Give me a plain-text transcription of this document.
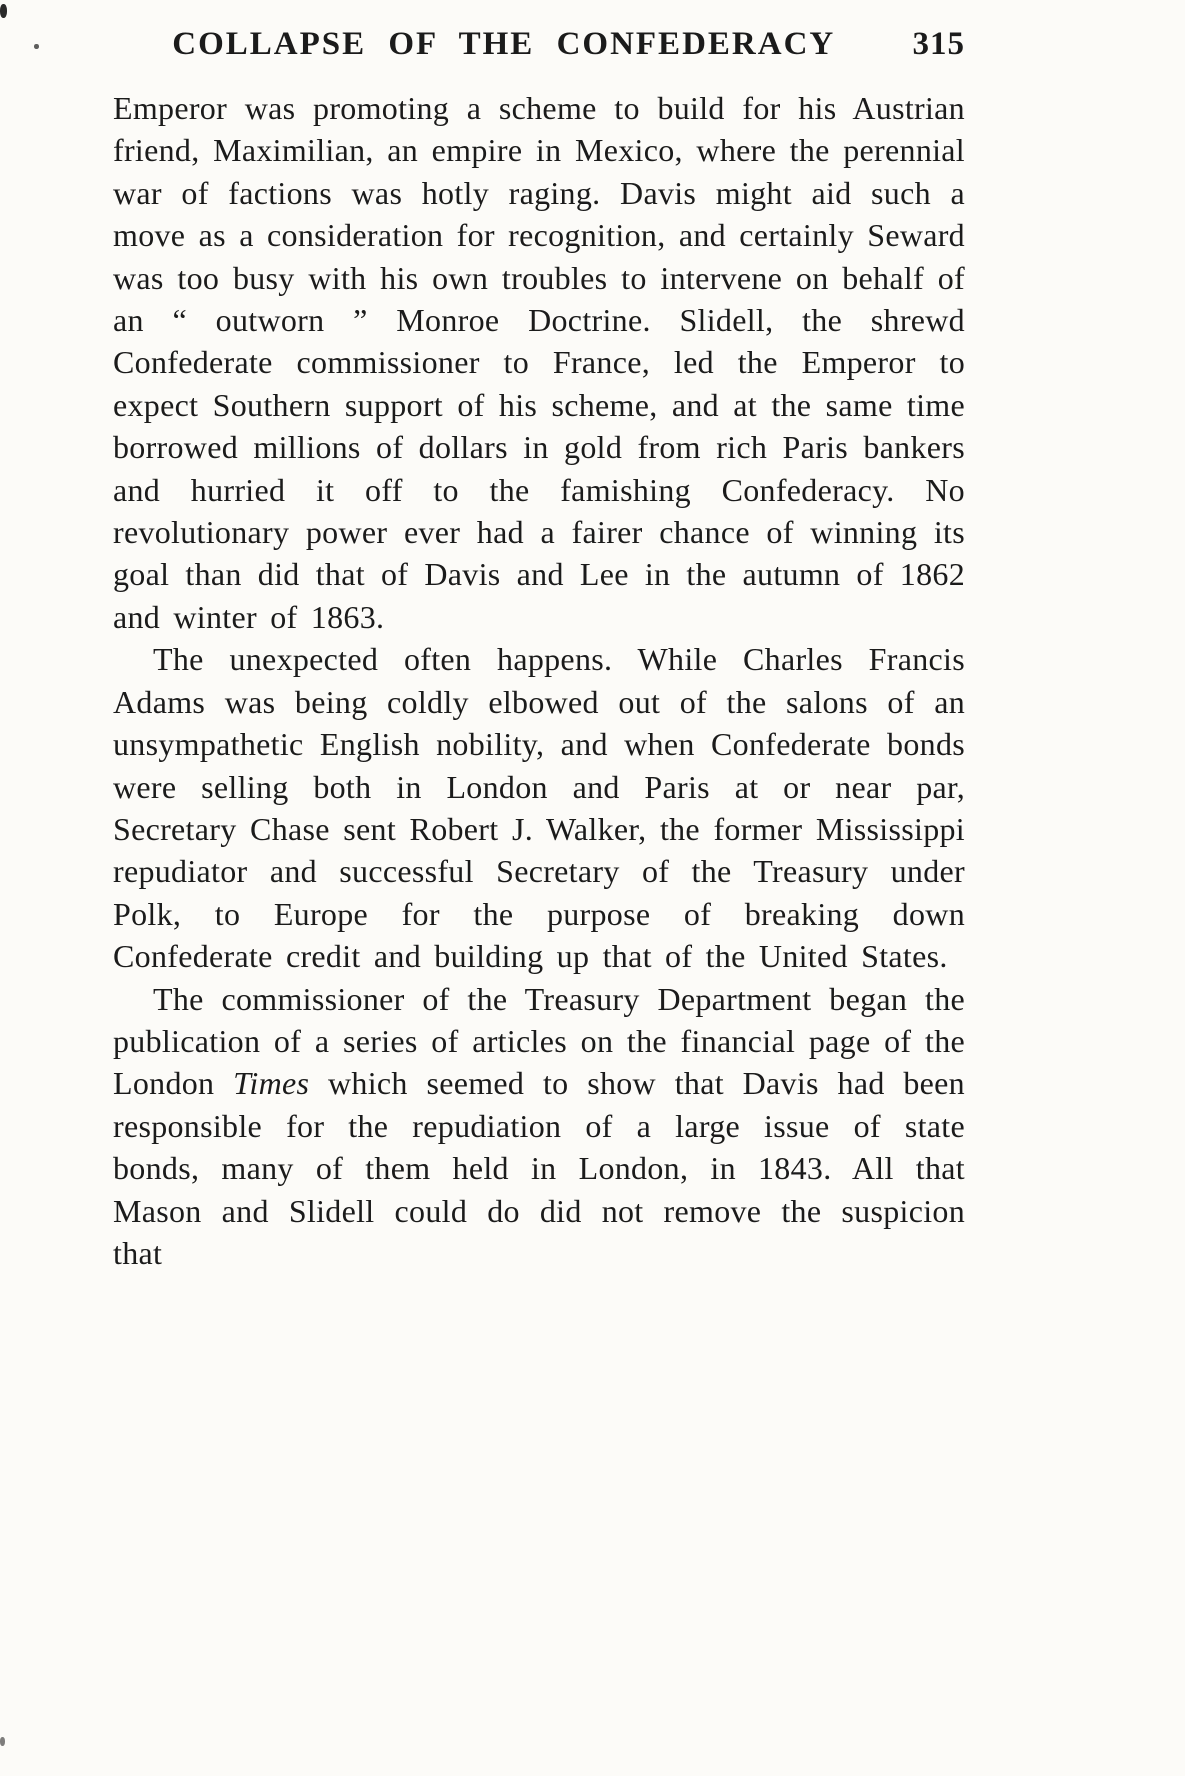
COLLAPSE OF THE CONFEDERACY	315

Emperor was promoting a scheme to build for his Austrian friend, Maximilian, an empire in Mexico, where the perennial war of factions was hotly raging. Davis might aid such a move as a consideration for recognition, and certainly Seward was too busy with his own troubles to intervene on behalf of an “ outworn ” Monroe Doctrine. Slidell, the shrewd Confederate commissioner to France, led the Emperor to expect Southern support of his scheme, and at the same time borrowed millions of dollars in gold from rich Paris bankers and hurried it off to the famishing Confederacy. No revolutionary power ever had a fairer chance of winning its goal than did that of Davis and Lee in the autumn of 1862 and winter of 1863.

The unexpected often happens. While Charles Francis Adams was being coldly elbowed out of the salons of an unsympathetic English nobility, and when Confederate bonds were selling both in London and Paris at or near par, Secretary Chase sent Robert J. Walker, the former Mississippi repudiator and successful Secretary of the Treasury under Polk, to Europe for the purpose of breaking down Confederate credit and building up that of the United States.

The commissioner of the Treasury Department began the publication of a series of articles on the financial page of the London Times which seemed to show that Davis had been responsible for the repudiation of a large issue of state bonds, many of them held in London, in 1843. All that Mason and Slidell could do did not remove the suspicion that
